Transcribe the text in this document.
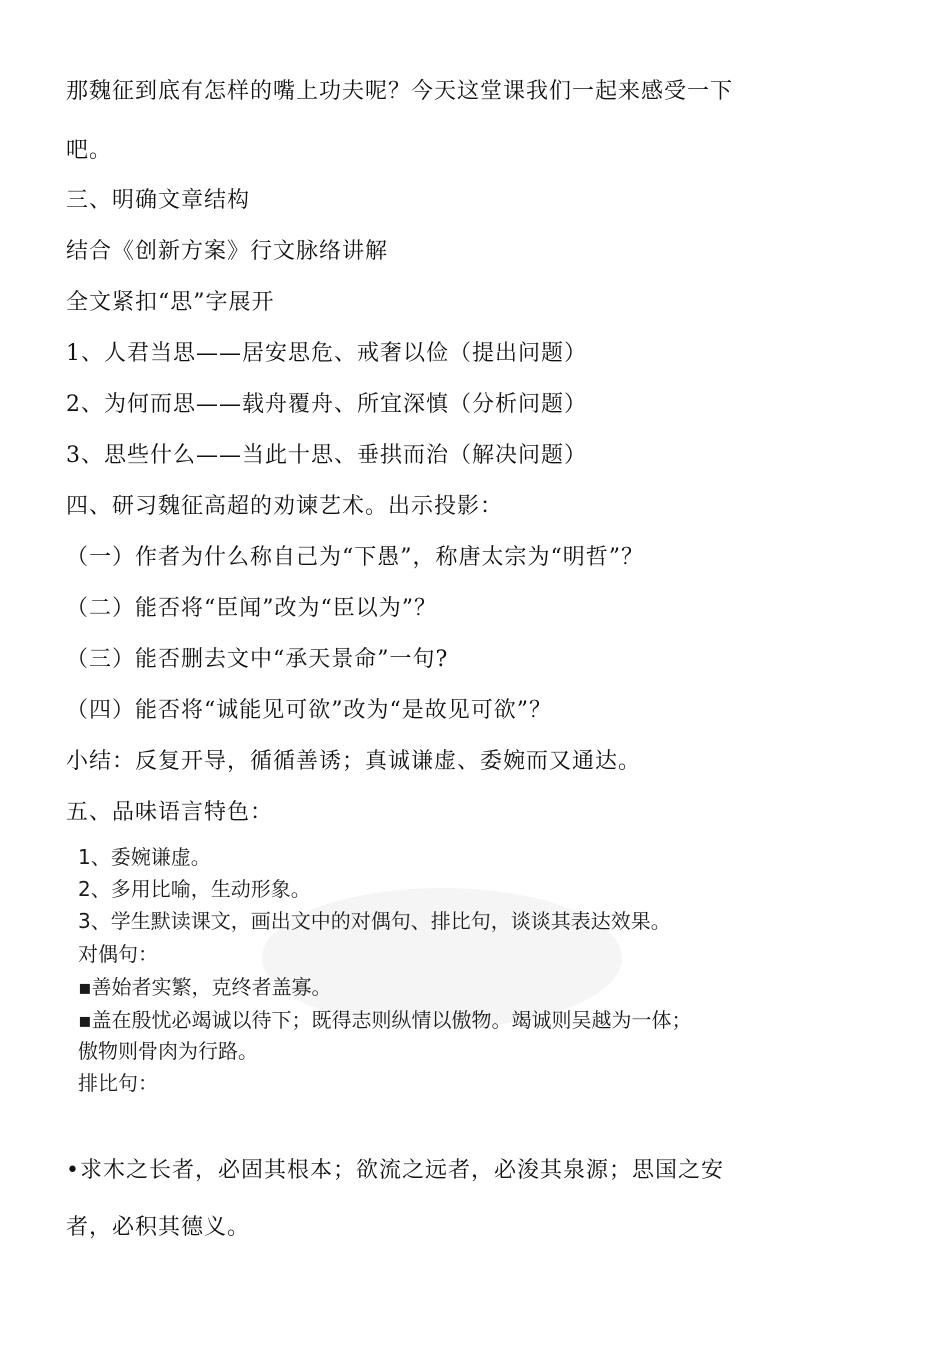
那魏征到底有怎样的嘴上功夫呢？今天这堂课我们一起来感受一下
吧。
三、明确文章结构
结合《创新方案》行文脉络讲解
全文紧扣“思”字展开
1、人君当思——居安思危、戒奢以俭（提出问题）
2、为何而思——载舟覆舟、所宜深慎（分析问题）
3、思些什么——当此十思、垂拱而治（解决问题）
四、研习魏征高超的劝谏艺术。出示投影：
（一）作者为什么称自己为“下愚”，称唐太宗为“明哲”？
（二）能否将“臣闻”改为“臣以为”？
（三）能否删去文中“承天景命”一句?
（四）能否将“诚能见可欲”改为“是故见可欲”？
小结：反复开导，循循善诱；真诚谦虚、委婉而又通达。
五、品味语言特色：
1、委婉谦虚。
2、多用比喻，生动形象。
3、学生默读课文，画出文中的对偶句、排比句，谈谈其表达效果。
对偶句：
▪善始者实繁，克终者盖寡。
▪盖在殷忧必竭诚以待下；既得志则纵情以傲物。竭诚则吴越为一体；
傲物则骨肉为行路。
排比句：
•求木之长者，必固其根本；欲流之远者，必浚其泉源；思国之安
者，必积其德义。
